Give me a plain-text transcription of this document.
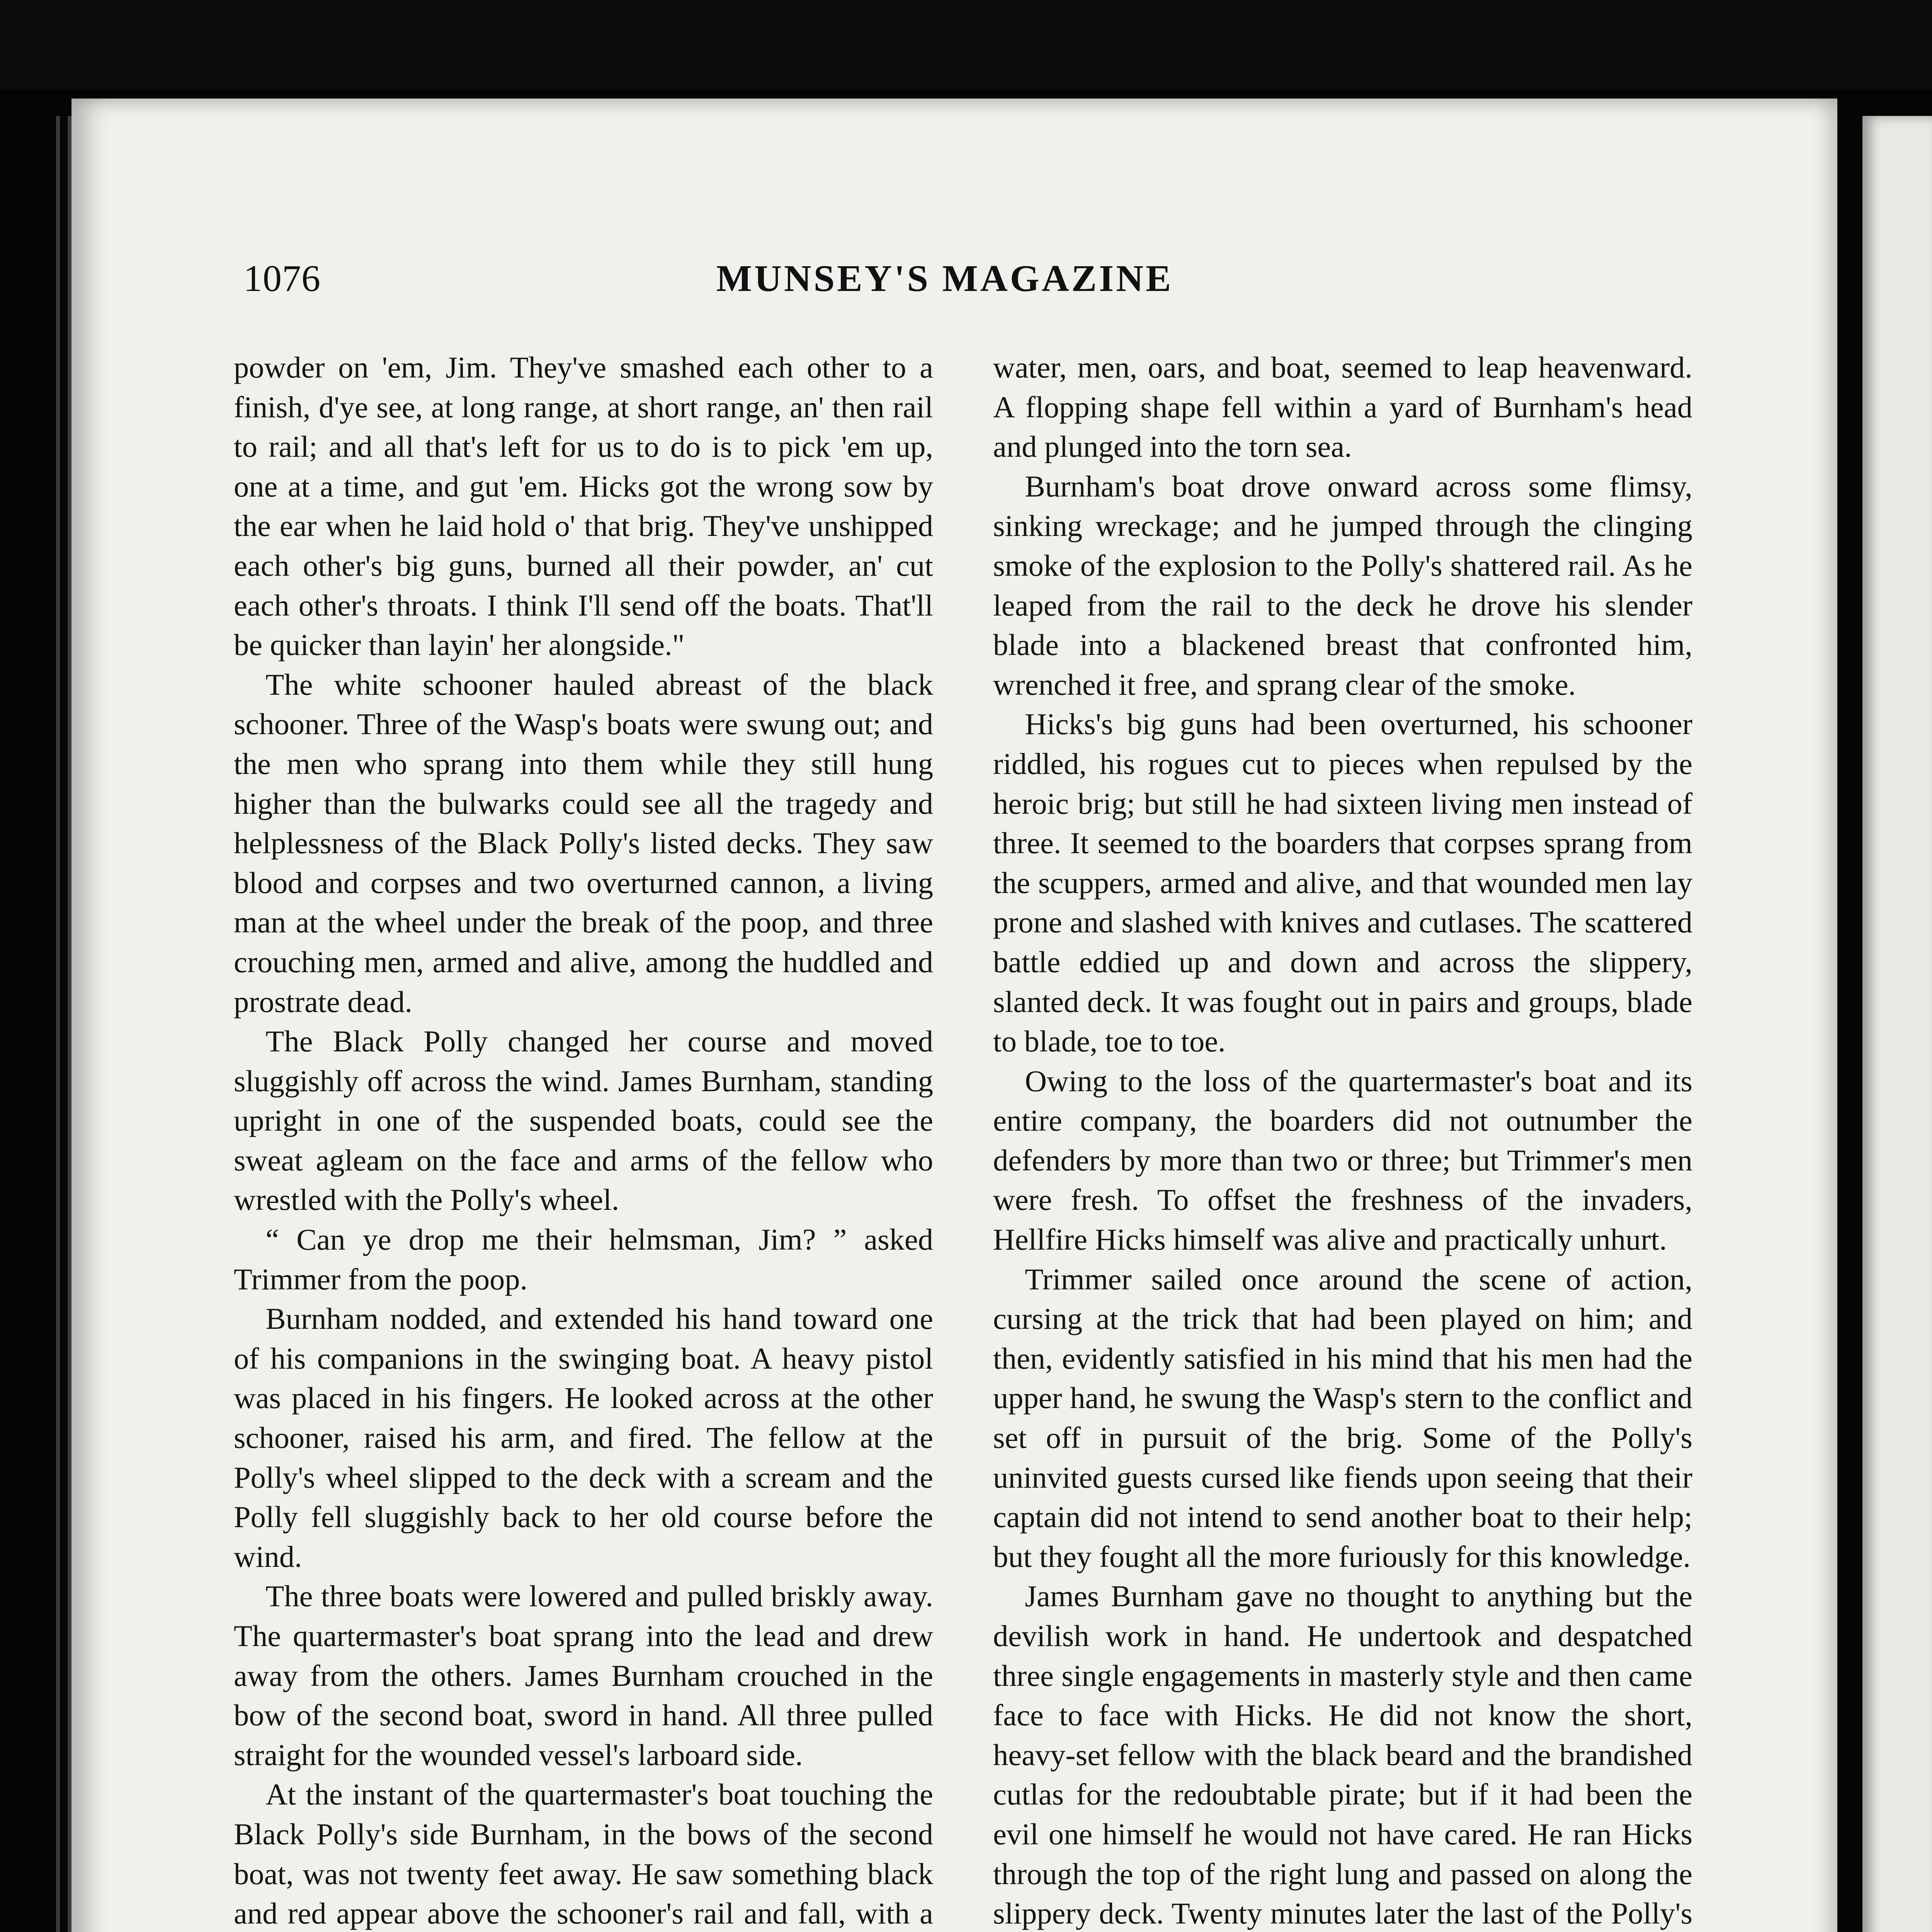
1076	MUNSEY'S MAGAZINE

powder on 'em, Jim. They've smashed each other to a finish, d'ye see, at long range, at short range, an' then rail to rail; and all that's left for us to do is to pick 'em up, one at a time, and gut 'em. Hicks got the wrong sow by the ear when he laid hold o' that brig. They've unshipped each other's big guns, burned all their powder, an' cut each other's throats. I think I'll send off the boats. That'll be quicker than layin' her alongside."

The white schooner hauled abreast of the black schooner. Three of the Wasp's boats were swung out; and the men who sprang into them while they still hung higher than the bulwarks could see all the tragedy and helplessness of the Black Polly's listed decks. They saw blood and corpses and two overturned cannon, a living man at the wheel under the break of the poop, and three crouching men, armed and alive, among the huddled and prostrate dead.

The Black Polly changed her course and moved sluggishly off across the wind. James Burnham, standing upright in one of the suspended boats, could see the sweat agleam on the face and arms of the fellow who wrestled with the Polly's wheel.

“ Can ye drop me their helmsman, Jim? ” asked Trimmer from the poop.

Burnham nodded, and extended his hand toward one of his companions in the swinging boat. A heavy pistol was placed in his fingers. He looked across at the other schooner, raised his arm, and fired. The fellow at the Polly's wheel slipped to the deck with a scream and the Polly fell sluggishly back to her old course before the wind.

The three boats were lowered and pulled briskly away. The quartermaster's boat sprang into the lead and drew away from the others. James Burnham crouched in the bow of the second boat, sword in hand. All three pulled straight for the wounded vessel's larboard side.

At the instant of the quartermaster's boat touching the Black Polly's side Burnham, in the bows of the second boat, was not twenty feet away. He saw something black and red appear above the schooner's rail and fall, with a

water, men, oars, and boat, seemed to leap heavenward. A flopping shape fell within a yard of Burnham's head and plunged into the torn sea.

Burnham's boat drove onward across some flimsy, sinking wreckage; and he jumped through the clinging smoke of the explosion to the Polly's shattered rail. As he leaped from the rail to the deck he drove his slender blade into a blackened breast that confronted him, wrenched it free, and sprang clear of the smoke.

Hicks's big guns had been overturned, his schooner riddled, his rogues cut to pieces when repulsed by the heroic brig; but still he had sixteen living men instead of three. It seemed to the boarders that corpses sprang from the scuppers, armed and alive, and that wounded men lay prone and slashed with knives and cutlases. The scattered battle eddied up and down and across the slippery, slanted deck. It was fought out in pairs and groups, blade to blade, toe to toe.

Owing to the loss of the quartermaster's boat and its entire company, the boarders did not outnumber the defenders by more than two or three; but Trimmer's men were fresh. To offset the freshness of the invaders, Hellfire Hicks himself was alive and practically unhurt.

Trimmer sailed once around the scene of action, cursing at the trick that had been played on him; and then, evidently satisfied in his mind that his men had the upper hand, he swung the Wasp's stern to the conflict and set off in pursuit of the brig. Some of the Polly's uninvited guests cursed like fiends upon seeing that their captain did not intend to send another boat to their help; but they fought all the more furiously for this knowledge.

James Burnham gave no thought to anything but the devilish work in hand. He undertook and despatched three single engagements in masterly style and then came face to face with Hicks. He did not know the short, heavy-set fellow with the black beard and the brandished cutlas for the redoubtable pirate; but if it had been the evil one himself he would not have cared. He ran Hicks through the top of the right lung and passed on along the slippery deck. Twenty minutes later the last of the Polly's
